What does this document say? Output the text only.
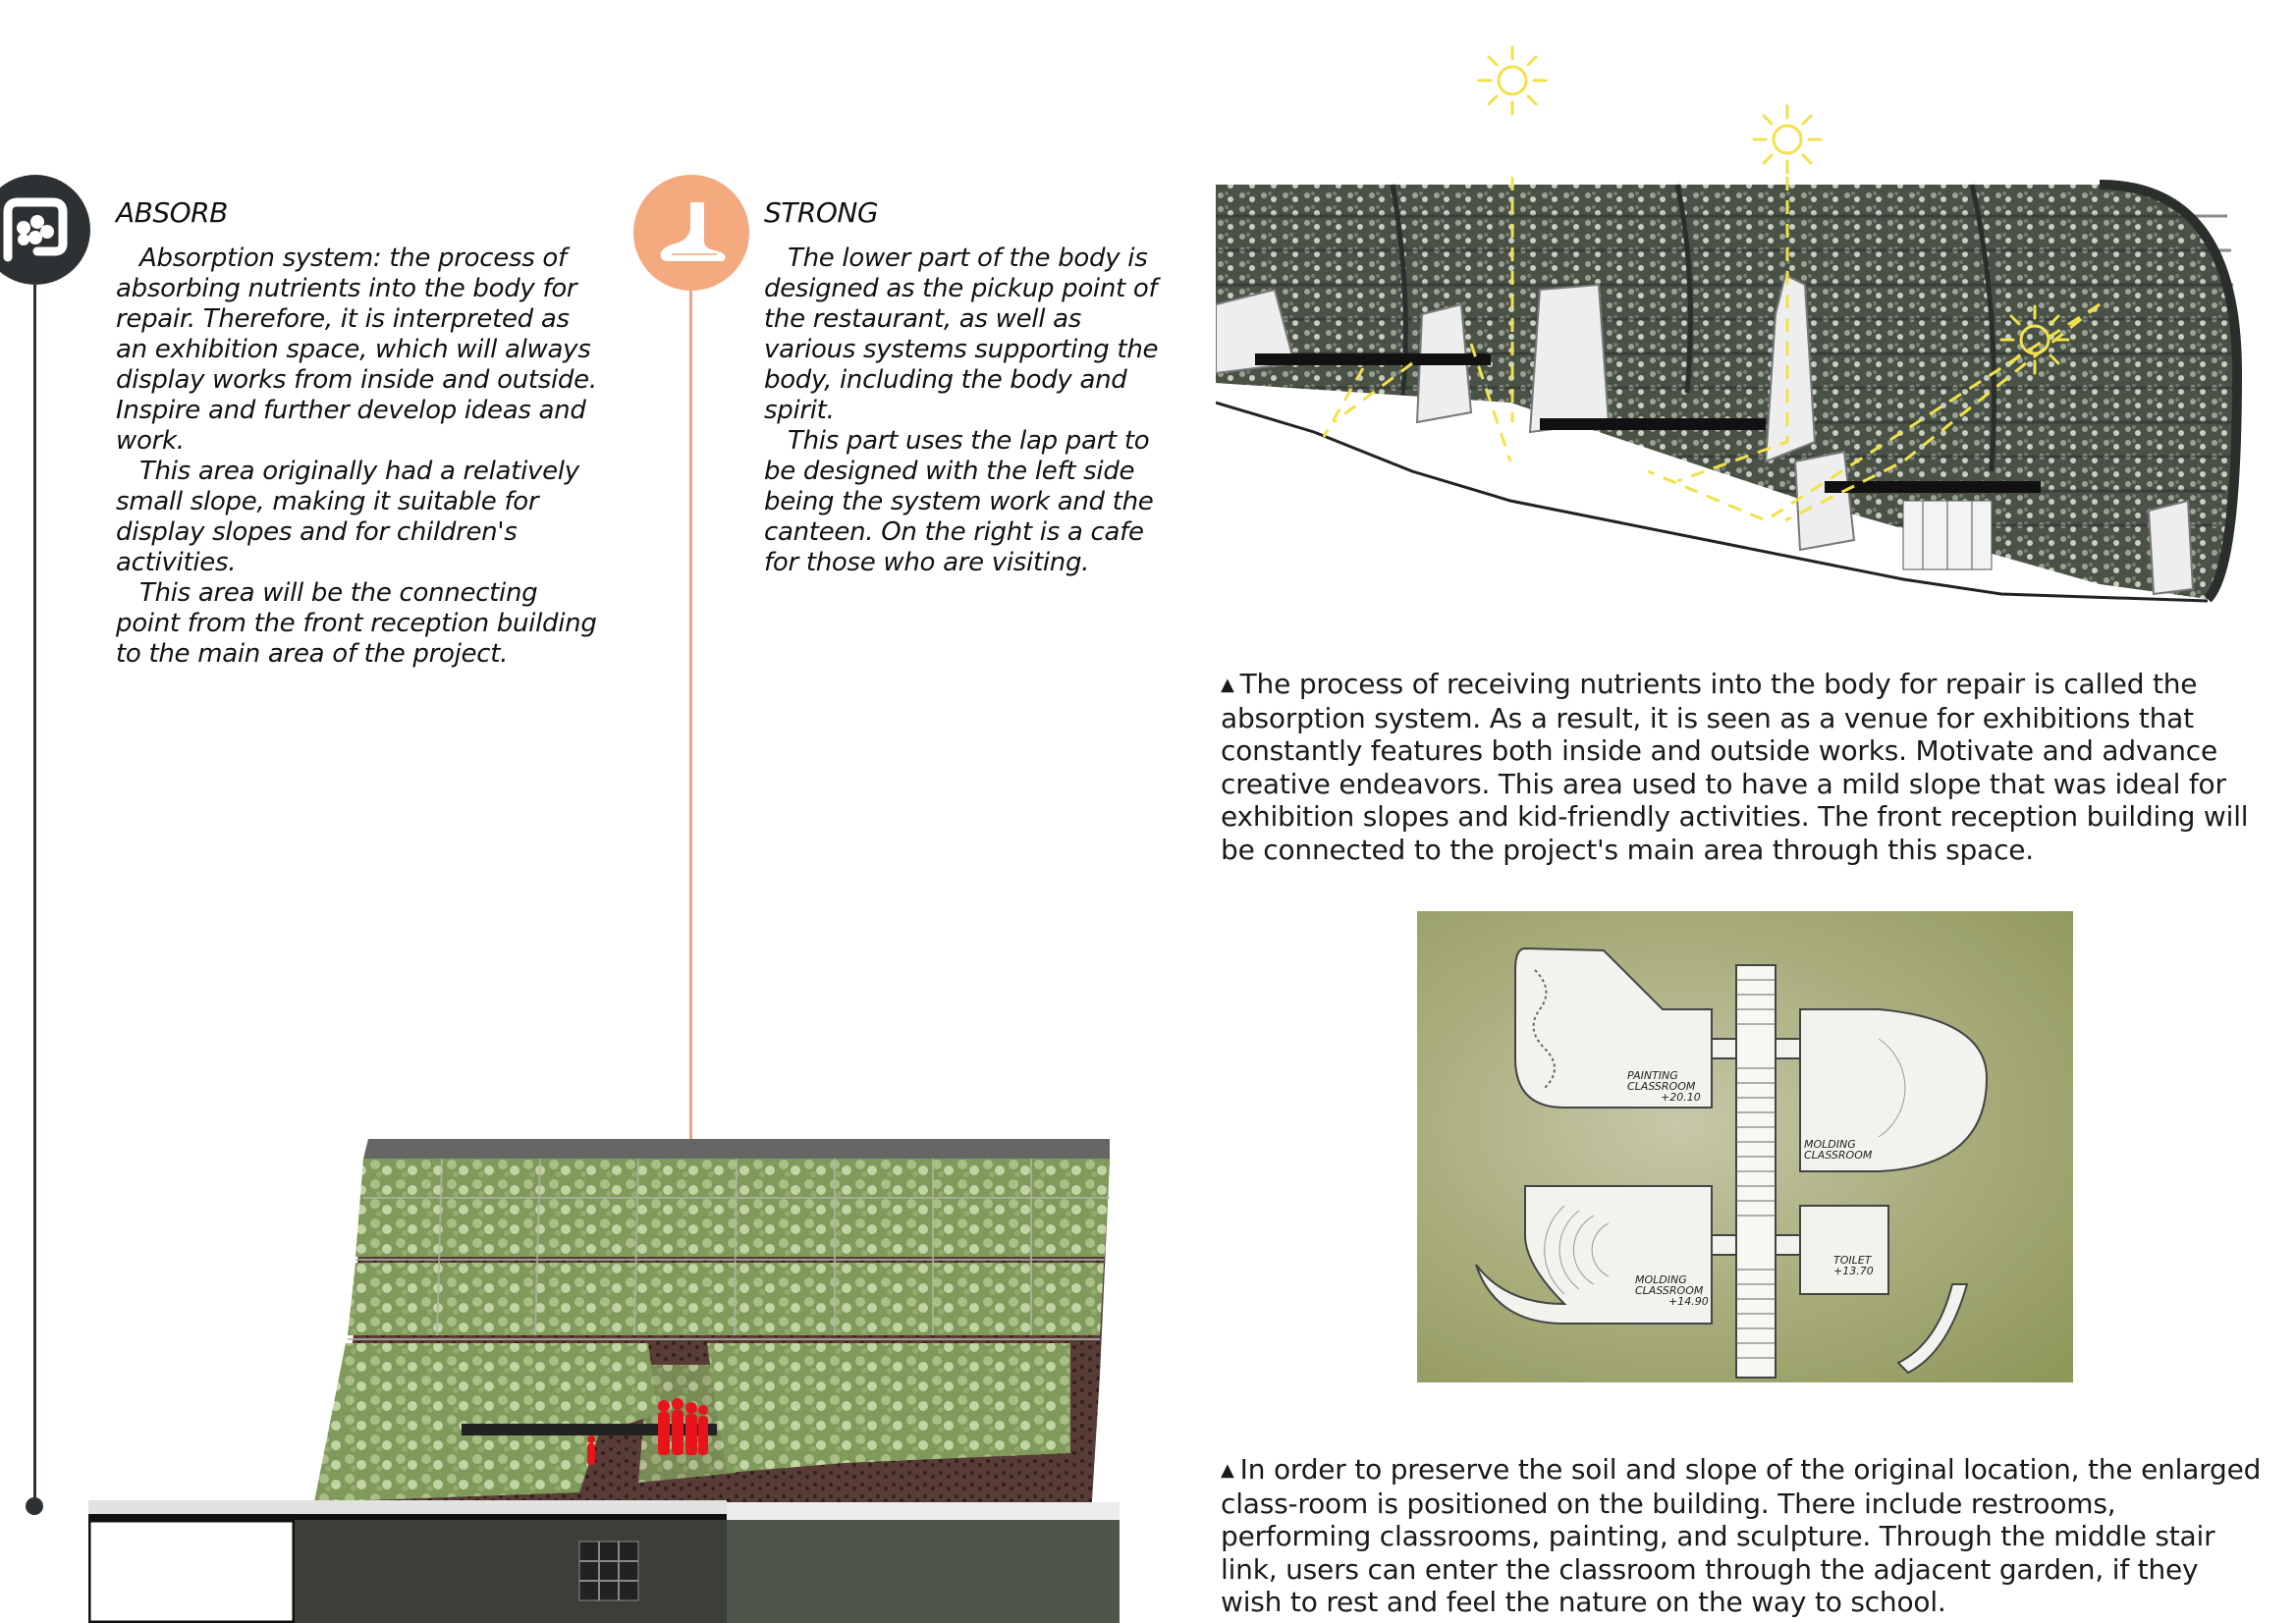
ABSORB

Absorption system: the process of absorbing nutrients into the body for repair. Therefore, it is interpreted as an exhibition space, which will always display works from inside and outside. Inspire and further develop ideas and work.

This area originally had a relatively small slope, making it suitable for display slopes and for children's activities.

This area will be the connecting point from the front reception building to the main area of the project.

STRONG

The lower part of the body is designed as the pickup point of the restaurant, as well as various systems supporting the body, including the body and spirit.

This part uses the lap part to be designed with the left side being the system work and the canteen. On the right is a cafe for those who are visiting.

▲ The process of receiving nutrients into the body for repair is called the absorption system. As a result, it is seen as a venue for exhibitions that constantly features both inside and outside works. Motivate and advance creative endeavors. This area used to have a mild slope that was ideal for exhibition slopes and kid-friendly activities. The front reception building will be connected to the project's main area through this space.
PAINTING CLASSROOM
+20.10
MOLDING CLASSROOM
MOLDING CLASSROOM
+14.90
TOILET
+13.70
▲ In order to preserve the soil and slope of the original location, the enlarged class-room is positioned on the building. There include restrooms, performing classrooms, painting, and sculpture. Through the middle stair link, users can enter the classroom through the adjacent garden, if they wish to rest and feel the nature on the way to school.
